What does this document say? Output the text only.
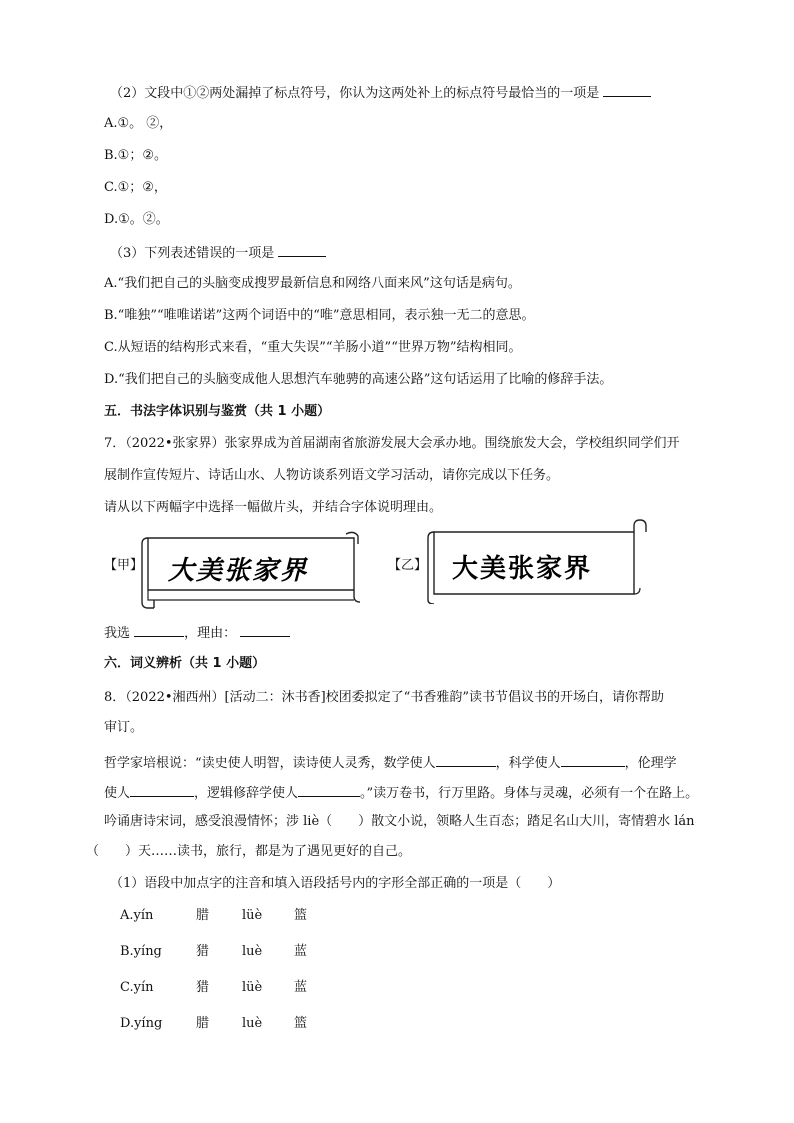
（2）文段中①②两处漏掉了标点符号，你认为这两处补上的标点符号最恰当的一项是
A.①。 ②，
B.①；②。
C.①；②，
D.①。②。
（3）下列表述错误的一项是
A.“我们把自己的头脑变成搜罗最新信息和网络八面来风”这句话是病句。
B.“唯独”“唯唯诺诺”这两个词语中的“唯”意思相同，表示独一无二的意思。
C.从短语的结构形式来看，“重大失误”“羊肠小道”“世界万物”结构相同。
D.“我们把自己的头脑变成他人思想汽车驰骋的高速公路”这句话运用了比喻的修辞手法。
五．书法字体识别与鉴赏（共 1 小题）
7．（2022•张家界）张家界成为首届湖南省旅游发展大会承办地。围绕旅发大会，学校组织同学们开
展制作宣传短片、诗话山水、人物访谈系列语文学习活动，请你完成以下任务。
请从以下两幅字中选择一幅做片头，并结合字体说明理由。
【甲】 大美张家界	【乙】 大美张家界
我选	，理由：
六．词义辨析（共 1 小题）
8．（2022•湘西州）[活动二：沐书香]校团委拟定了“书香雅韵”读书节倡议书的开场白，请你帮助
审订。
哲学家培根说：“读史使人明智，读诗使人灵秀，数学使人	，科学使人	，伦理学
使人	，逻辑修辞学使人	。”读万卷书，行万里路。身体与灵魂，必须有一个在路上。
吟诵唐诗宋词，感受浪漫情怀；涉 liè（　　）散文小说，领略人生百态；踏足名山大川，寄情碧水 lán
（　　）天……读书，旅行，都是为了遇见更好的自己。
（1）语段中加点字的注音和填入语段括号内的字形全部正确的一项是（　　）
A.yín	腊	lüè 篮
B.yíng	猎	luè 蓝
C.yín	猎	lüè 蓝
D.yíng	腊	luè 篮
